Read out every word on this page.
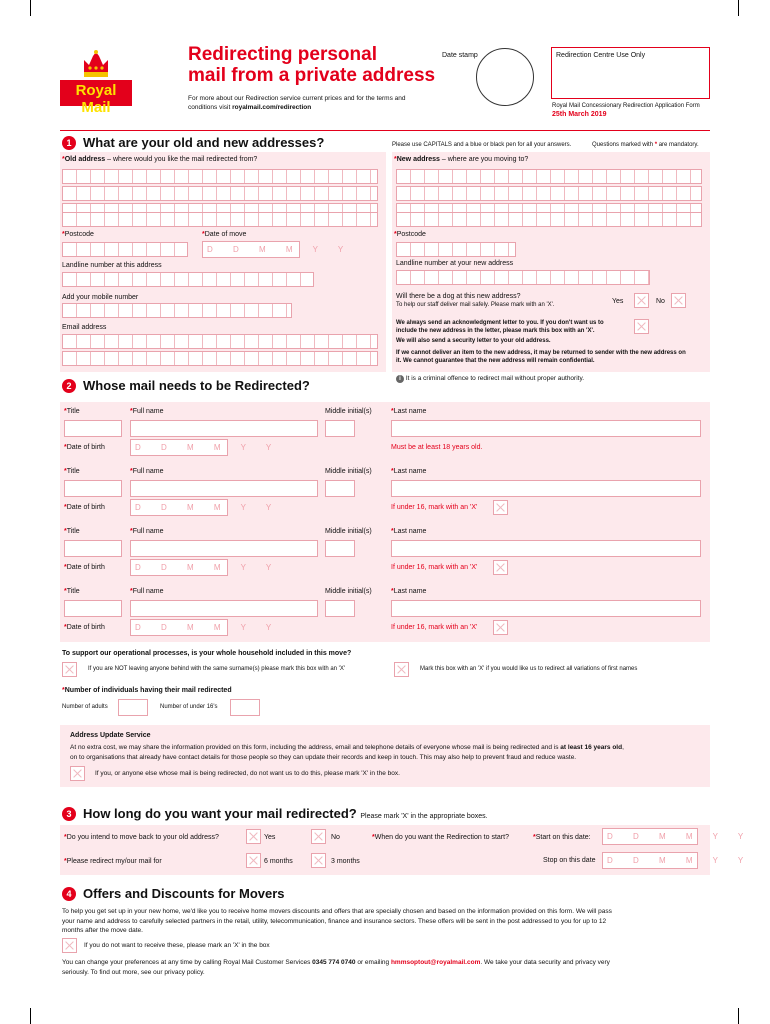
Royal Mail
Redirecting personal
mail from a private address
For more about our Redirection service current prices and for the terms and
conditions visit royalmail.com/redirection
Date stamp	Redirection Centre Use Only
Royal Mail Concessionary Redirection Application Form
25th March 2019
1 What are your old and new addresses?	Please use CAPITALS and a blue or black pen for all your answers.	Questions marked with * are mandatory.
*Old address – where would you like the mail redirected from?	*New address – where are you moving to?
*Postcode	*Date of move
D D M M Y Y
*Postcode
Landline number at this address	Landline number at your new address
Add your mobile number	Will there be a dog at this new address?
To help our staff deliver mail safely. Please mark with an 'X'.	Yes	No
Email address
We always send an acknowledgment letter to you. If you don't want us to
include the new address in the letter, please mark this box with an 'X'.
We will also send a security letter to your old address.
If we cannot deliver an item to the new address, it may be returned to sender with the new address on
it. We cannot guarantee that the new address will remain confidential.
2 Whose mail needs to be Redirected?	i It is a criminal offence to redirect mail without proper authority.
*Title	*Full name	Middle initial(s)	*Last name
*Date of birth	D D M M Y Y	Must be at least 18 years old.
*Title	*Full name	Middle initial(s)	*Last name
*Date of birth	D D M M Y Y	If under 16, mark with an 'X'
*Title	*Full name	Middle initial(s)	*Last name
*Date of birth	D D M M Y Y	If under 16, mark with an 'X'
*Title	*Full name	Middle initial(s)	*Last name
*Date of birth	D D M M Y Y	If under 16, mark with an 'X'
To support our operational processes, is your whole household included in this move?
If you are NOT leaving anyone behind with the same surname(s) please mark this box with an 'X'	Mark this box with an 'X' if you would like us to redirect all variations of first names
*Number of individuals having their mail redirected
Number of adults	Number of under 16's
Address Update Service
At no extra cost, we may share the information provided on this form, including the address, email and telephone details of everyone whose mail is being redirected and is at least 16 years old,
on to organisations that already have contact details for those people so they can update their records and keep in touch. This may also help to prevent fraud and reduce waste.
If you, or anyone else whose mail is being redirected, do not want us to do this, please mark 'X' in the box.
3 How long do you want your mail redirected? Please mark 'X' in the appropriate boxes.
*Do you intend to move back to your old address?	Yes	No	*When do you want the Redirection to start?	*Start on this date:	D D M M Y Y
*Please redirect my/our mail for	6 months	3 months	Stop on this date	D D M M Y Y
4 Offers and Discounts for Movers
To help you get set up in your new home, we'd like you to receive home movers discounts and offers that are specially chosen and based on the information provided on this form. We will pass
your name and address to carefully selected partners in the retail, utility, telecommunication, finance and insurance sectors. These offers will be sent in the post addressed to you for up to 12
months after the move date.
If you do not want to receive these, please mark an 'X' in the box
You can change your preferences at any time by calling Royal Mail Customer Services 0345 774 0740 or emailing hmmsoptout@royalmail.com. We take your data security and privacy very
seriously. To find out more, see our privacy policy.
